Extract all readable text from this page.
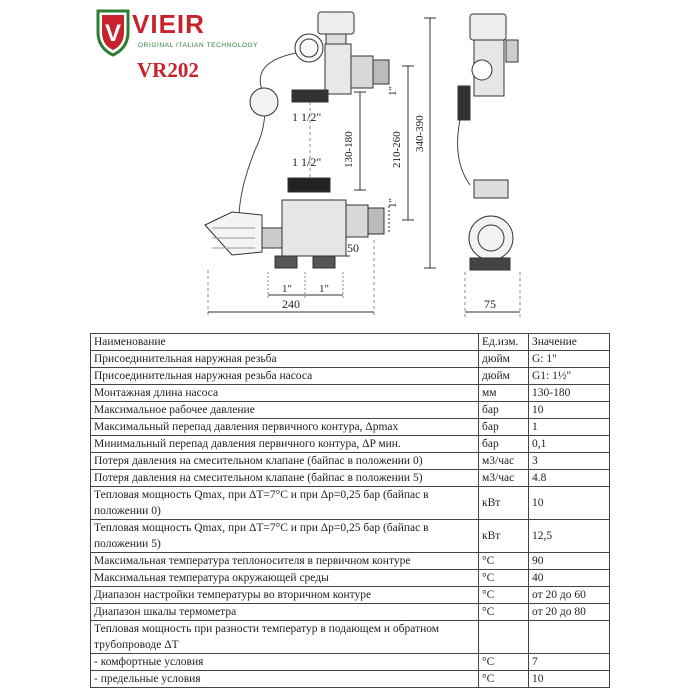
V VIEIR
ORIGINAL ITALIAN TECHNOLOGY
VR202
1 1/2"
1 1/2" 130-180	210-260 340-390
1"
1"
50
1" 1"
240	75
Наименование	Ед.изм.	Значение
Присоединительная наружная резьба	дюйм	G: 1"
Присоединительная наружная резьба насоса	дюйм	G1: 1½"
Монтажная длина насоса	мм	130-180
Максимальное рабочее давление	бар	10
Максимальный перепад давления первичного контура, Δpmax	бар	1
Минимальный перепад давления первичного контура, ΔP мин.	бар	0,1
Потеря давления на смесительном клапане (байпас в положении 0)	м3/час	3
Потеря давления на смесительном клапане (байпас в положении 5)	м3/час	4.8
Тепловая мощность Qmax, при ΔT=7°C и при Δp=0,25 бар (байпас в положении 0)	кВт	10
Тепловая мощность Qmax, при ΔT=7°C и при Δp=0,25 бар (байпас в положении 5)	кВт	12,5
Максимальная температура теплоносителя в первичном контуре	°C	90
Максимальная температура окружающей среды	°C	40
Диапазон настройки температуры во вторичном контуре	°C	от 20 до 60
Диапазон шкалы термометра	°C	от 20 до 80
Тепловая мощность при разности температур в подающем и обратном трубопроводе ΔT		
- комфортные условия	°C	7
- предельные условия	°C	10
